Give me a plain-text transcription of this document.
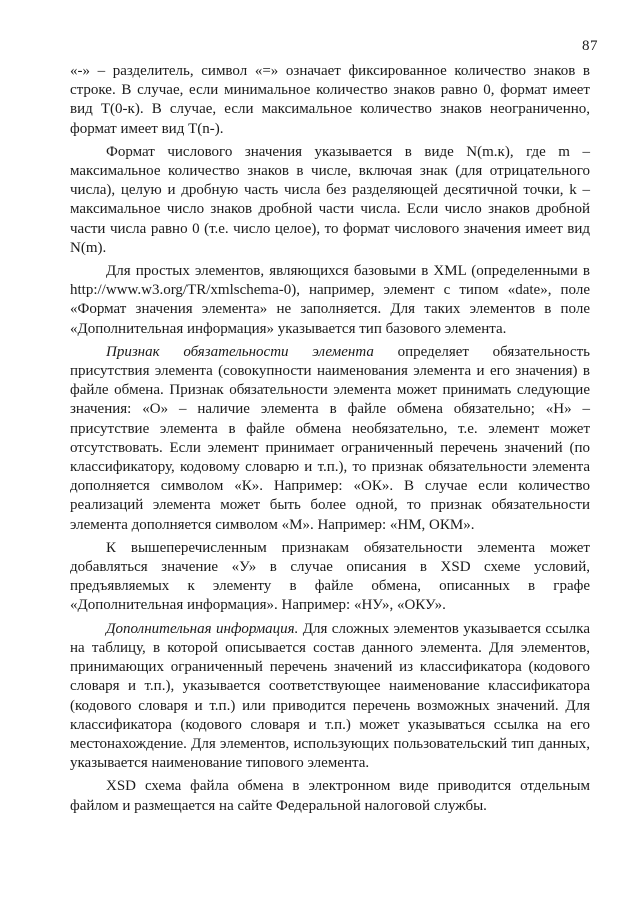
87

«-» – разделитель, символ «=» означает фиксированное количество знаков в строке. В случае, если минимальное количество знаков равно 0, формат имеет вид T(0-к). В случае, если максимальное количество знаков неограниченно, формат имеет вид T(n-).

Формат числового значения указывается в виде N(m.к), где m – максимальное количество знаков в числе, включая знак (для отрицательного числа), целую и дробную часть числа без разделяющей десятичной точки, k – максимальное число знаков дробной части числа. Если число знаков дробной части числа равно 0 (т.е. число целое), то формат числового значения имеет вид N(m).

Для простых элементов, являющихся базовыми в XML (определенными в http://www.w3.org/TR/xmlschema-0), например, элемент с типом «date», поле «Формат значения элемента» не заполняется. Для таких элементов в поле «Дополнительная информация» указывается тип базового элемента.

Признак обязательности элемента определяет обязательность присутствия элемента (совокупности наименования элемента и его значения) в файле обмена. Признак обязательности элемента может принимать следующие значения: «О» – наличие элемента в файле обмена обязательно; «Н» – присутствие элемента в файле обмена необязательно, т.е. элемент может отсутствовать. Если элемент принимает ограниченный перечень значений (по классификатору, кодовому словарю и т.п.), то признак обязательности элемента дополняется символом «К». Например: «ОК». В случае если количество реализаций элемента может быть более одной, то признак обязательности элемента дополняется символом «М». Например: «НМ, ОКМ».

К вышеперечисленным признакам обязательности элемента может добавляться значение «У» в случае описания в XSD схеме условий, предъявляемых к элементу в файле обмена, описанных в графе «Дополнительная информация». Например: «НУ», «ОКУ».

Дополнительная информация. Для сложных элементов указывается ссылка на таблицу, в которой описывается состав данного элемента. Для элементов, принимающих ограниченный перечень значений из классификатора (кодового словаря и т.п.), указывается соответствующее наименование классификатора (кодового словаря и т.п.) или приводится перечень возможных значений. Для классификатора (кодового словаря и т.п.) может указываться ссылка на его местонахождение. Для элементов, использующих пользовательский тип данных, указывается наименование типового элемента.

XSD схема файла обмена в электронном виде приводится отдельным файлом и размещается на сайте Федеральной налоговой службы.
